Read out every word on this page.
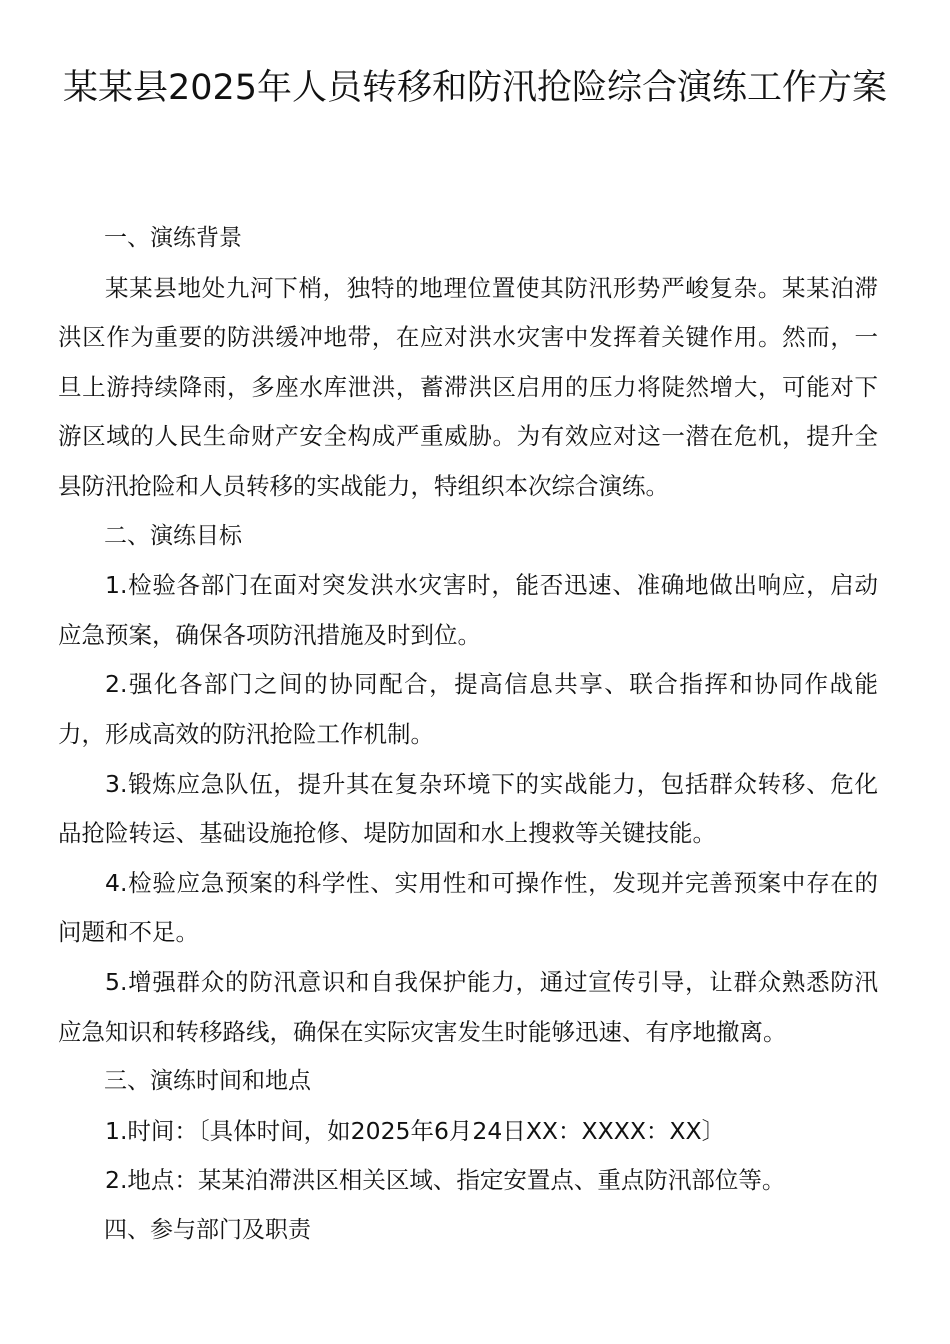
某某县2025年人员转移和防汛抢险综合演练工作方案

一、演练背景

某某县地处九河下梢，独特的地理位置使其防汛形势严峻复杂。某某泊滞洪区作为重要的防洪缓冲地带，在应对洪水灾害中发挥着关键作用。然而，一旦上游持续降雨，多座水库泄洪，蓄滞洪区启用的压力将陡然增大，可能对下游区域的人民生命财产安全构成严重威胁。为有效应对这一潜在危机，提升全县防汛抢险和人员转移的实战能力，特组织本次综合演练。

二、演练目标

1.检验各部门在面对突发洪水灾害时，能否迅速、准确地做出响应，启动应急预案，确保各项防汛措施及时到位。

2.强化各部门之间的协同配合，提高信息共享、联合指挥和协同作战能力，形成高效的防汛抢险工作机制。

3.锻炼应急队伍，提升其在复杂环境下的实战能力，包括群众转移、危化品抢险转运、基础设施抢修、堤防加固和水上搜救等关键技能。

4.检验应急预案的科学性、实用性和可操作性，发现并完善预案中存在的问题和不足。

5.增强群众的防汛意识和自我保护能力，通过宣传引导，让群众熟悉防汛应急知识和转移路线，确保在实际灾害发生时能够迅速、有序地撤离。

三、演练时间和地点

1.时间：〔具体时间，如2025年6月24日XX：XXXX：XX〕

2.地点：某某泊滞洪区相关区域、指定安置点、重点防汛部位等。

四、参与部门及职责
